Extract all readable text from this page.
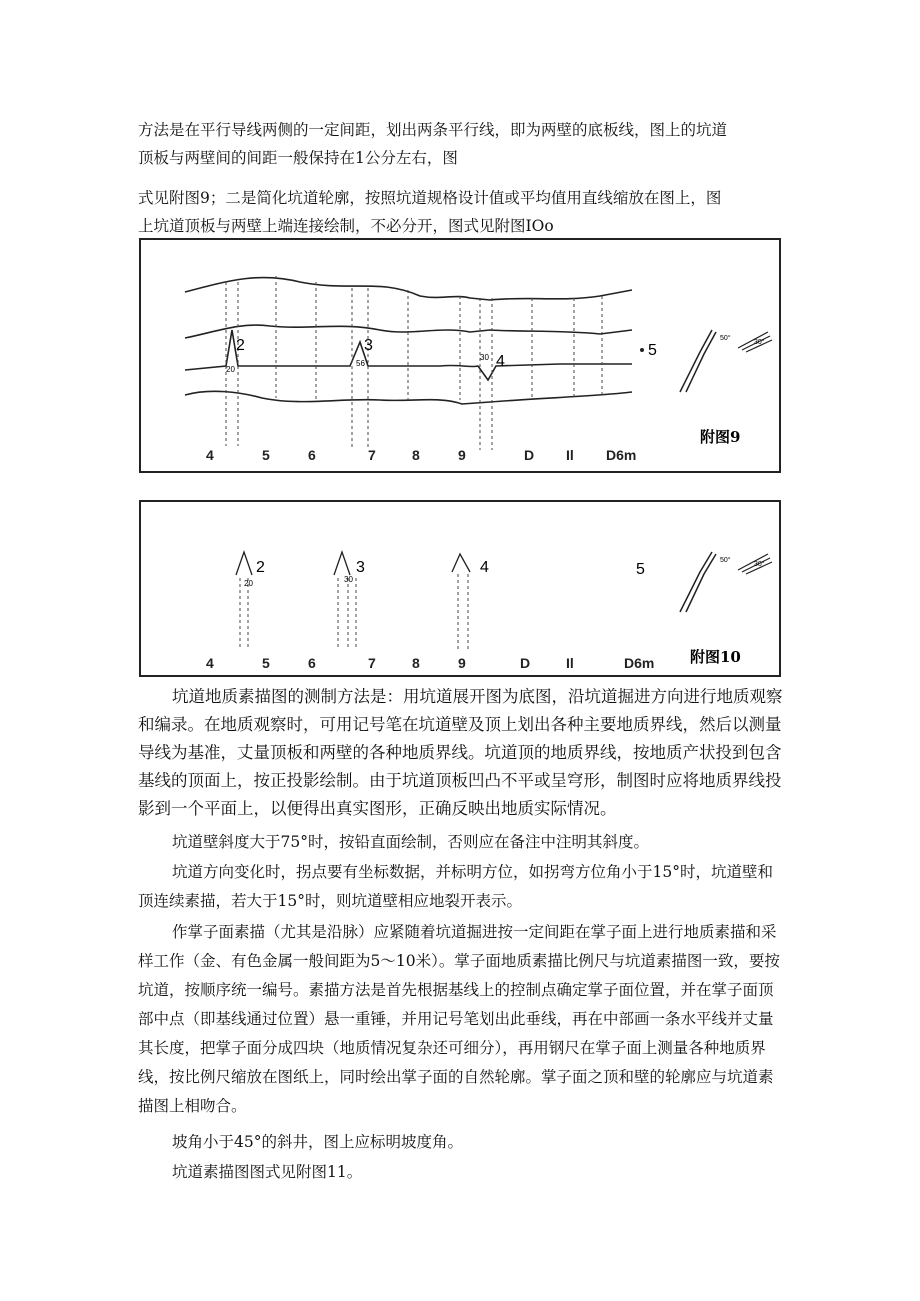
方法是在平行导线两侧的一定间距，划出两条平行线，即为两壁的底板线，图上的坑道

顶板与两壁间的间距一般保持在1公分左右，图

式见附图9；二是简化坑道轮廓，按照坑道规格设计值或平均值用直线缩放在图上，图

上坑道顶板与两壁上端连接绘制，不必分开，图式见附图IOo

2	3
4
5
20
56
30
50°
30°
4	5	6	7	8	9	D Il D6m
附图9
2	3	4	5
20	30
50°
30°
4	5	6	7	8	9	D	Il	D6m 附图10

坑道地质素描图的测制方法是：用坑道展开图为底图，沿坑道掘进方向进行地质观察和编录。在地质观察时，可用记号笔在坑道壁及顶上划出各种主要地质界线，然后以测量导线为基准，丈量顶板和两壁的各种地质界线。坑道顶的地质界线，按地质产状投到包含基线的顶面上，按正投影绘制。由于坑道顶板凹凸不平或呈穹形，制图时应将地质界线投影到一个平面上，以便得出真实图形，正确反映出地质实际情况。

坑道壁斜度大于75°时，按铅直面绘制，否则应在备注中注明其斜度。

坑道方向变化时，拐点要有坐标数据，并标明方位，如拐弯方位角小于15°时，坑道壁和顶连续素描，若大于15°时，则坑道壁相应地裂开表示。

作掌子面素描（尤其是沿脉）应紧随着坑道掘进按一定间距在掌子面上进行地质素描和采样工作（金、有色金属一般间距为5～10米）。掌子面地质素描比例尺与坑道素描图一致，要按坑道，按顺序统一编号。素描方法是首先根据基线上的控制点确定掌子面位置，并在掌子面顶部中点（即基线通过位置）悬一重锤，并用记号笔划出此垂线，再在中部画一条水平线并丈量其长度，把掌子面分成四块（地质情况复杂还可细分），再用钢尺在掌子面上测量各种地质界线，按比例尺缩放在图纸上，同时绘出掌子面的自然轮廓。掌子面之顶和壁的轮廓应与坑道素描图上相吻合。

坡角小于45°的斜井，图上应标明坡度角。

坑道素描图图式见附图11。
